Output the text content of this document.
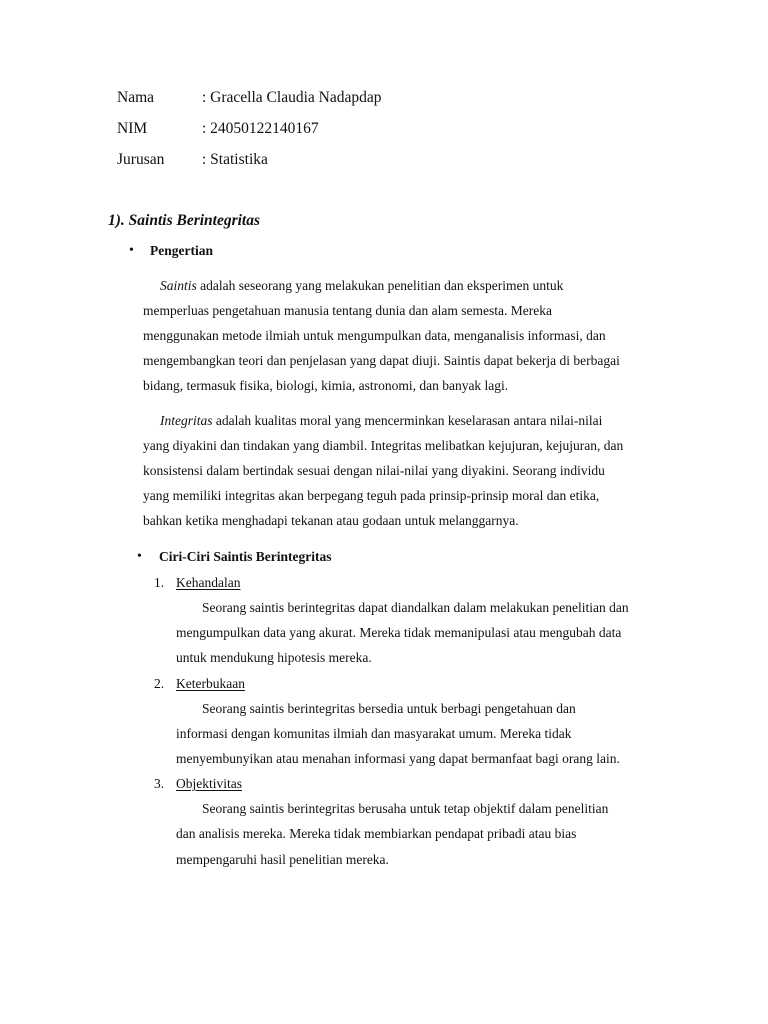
Nama	: Gracella Claudia Nadapdap
NIM	: 24050122140167
Jurusan : Statistika
1). Saintis Berintegritas
• Pengertian
Saintis adalah seseorang yang melakukan penelitian dan eksperimen untuk
memperluas pengetahuan manusia tentang dunia dan alam semesta. Mereka
menggunakan metode ilmiah untuk mengumpulkan data, menganalisis informasi, dan
mengembangkan teori dan penjelasan yang dapat diuji. Saintis dapat bekerja di berbagai
bidang, termasuk fisika, biologi, kimia, astronomi, dan banyak lagi.
Integritas adalah kualitas moral yang mencerminkan keselarasan antara nilai-nilai
yang diyakini dan tindakan yang diambil. Integritas melibatkan kejujuran, kejujuran, dan
konsistensi dalam bertindak sesuai dengan nilai-nilai yang diyakini. Seorang individu
yang memiliki integritas akan berpegang teguh pada prinsip-prinsip moral dan etika,
bahkan ketika menghadapi tekanan atau godaan untuk melanggarnya.
• Ciri-Ciri Saintis Berintegritas
1. Kehandalan
Seorang saintis berintegritas dapat diandalkan dalam melakukan penelitian dan
mengumpulkan data yang akurat. Mereka tidak memanipulasi atau mengubah data
untuk mendukung hipotesis mereka.
2. Keterbukaan
Seorang saintis berintegritas bersedia untuk berbagi pengetahuan dan
informasi dengan komunitas ilmiah dan masyarakat umum. Mereka tidak
menyembunyikan atau menahan informasi yang dapat bermanfaat bagi orang lain.
3. Objektivitas
Seorang saintis berintegritas berusaha untuk tetap objektif dalam penelitian
dan analisis mereka. Mereka tidak membiarkan pendapat pribadi atau bias
mempengaruhi hasil penelitian mereka.
